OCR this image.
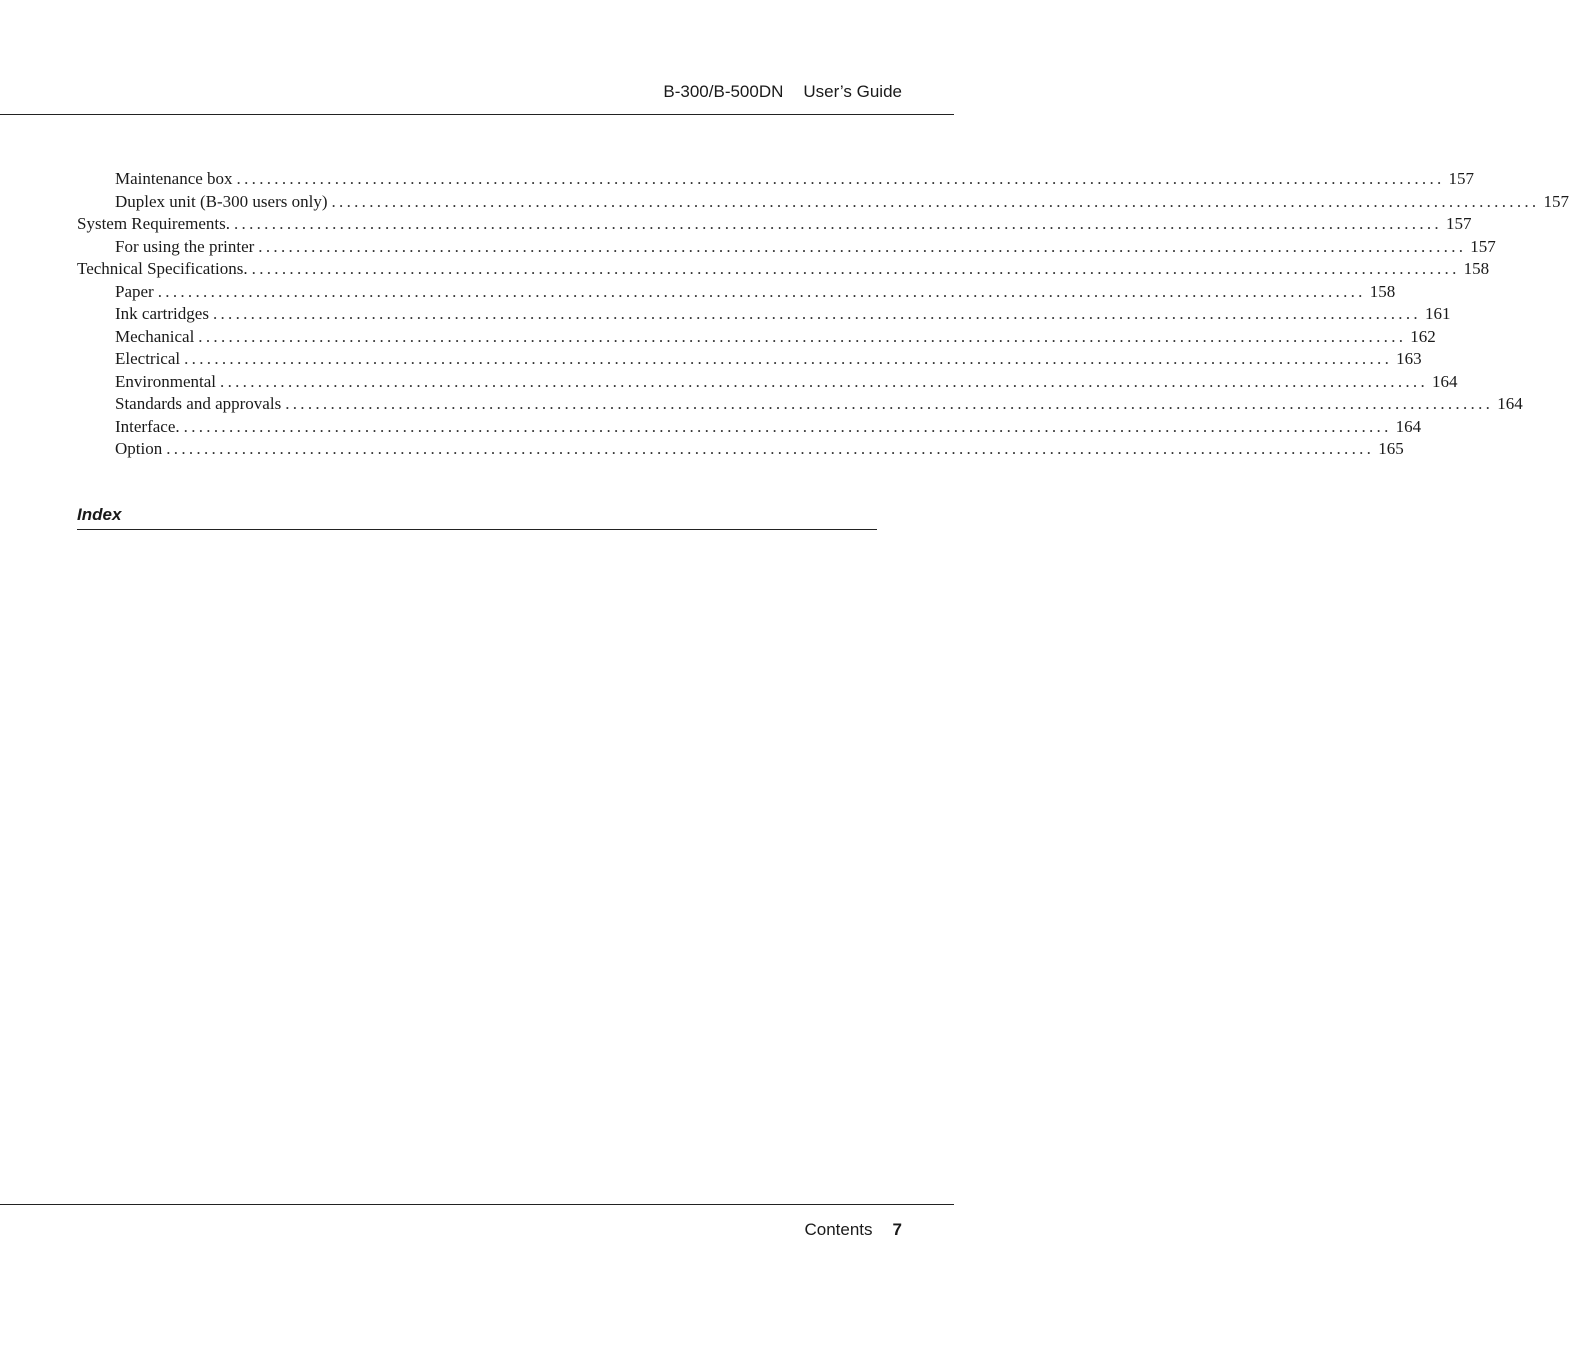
B-300/B-500DN User’s Guide
Maintenance box ................................................................................................................................................................ 157
Duplex unit (B-300 users only) ................................................................................................................................................................ 157
System Requirements. ................................................................................................................................................................ 157
For using the printer ................................................................................................................................................................ 157
Technical Specifications. ................................................................................................................................................................ 158
Paper ................................................................................................................................................................ 158
Ink cartridges ................................................................................................................................................................ 161
Mechanical ................................................................................................................................................................ 162
Electrical ................................................................................................................................................................ 163
Environmental ................................................................................................................................................................ 164
Standards and approvals ................................................................................................................................................................ 164
Interface. ................................................................................................................................................................ 164
Option ................................................................................................................................................................ 165
Index
Contents 7
